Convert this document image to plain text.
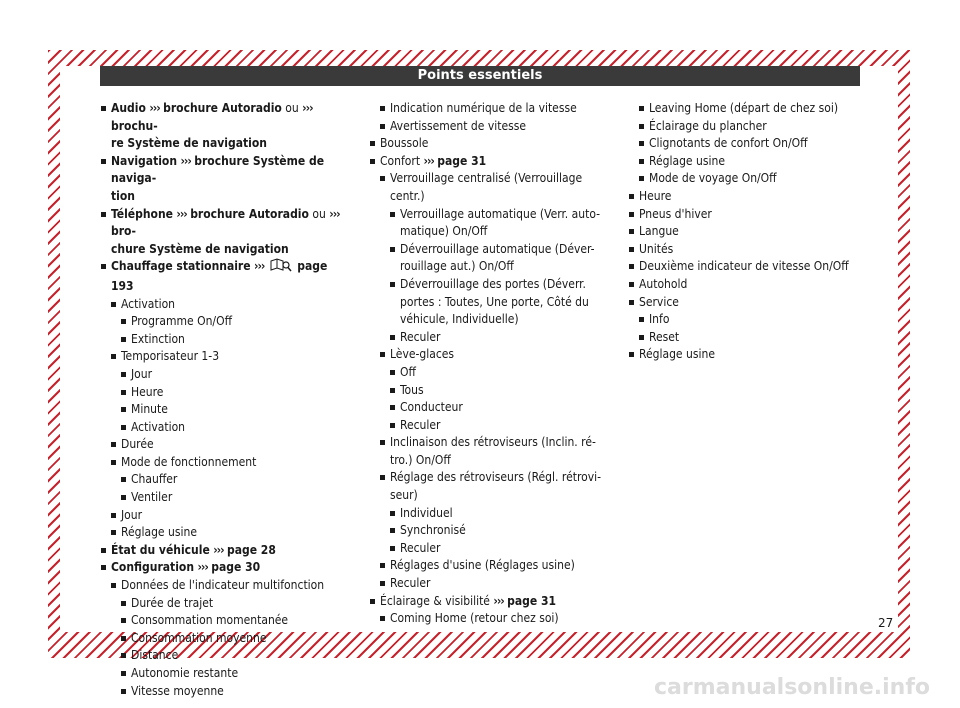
Points essentiels
Audio ››› brochure Autoradio ou ››› brochu-
re Système de navigation
Navigation ››› brochure Système de naviga-
tion
Téléphone ››› brochure Autoradio ou ››› bro-
chure Système de navigation
Chauffage stationnaire ›››	page 193
Activation
Programme On/Off
Extinction
Temporisateur 1-3
Jour
Heure
Minute
Activation
Durée
Mode de fonctionnement
Chauffer
Ventiler
Jour
Réglage usine
État du véhicule ››› page 28
Configuration ››› page 30
Données de l'indicateur multifonction
Durée de trajet
Consommation momentanée
Consommation moyenne
Distance
Autonomie restante
Vitesse moyenne
Indication numérique de la vitesse
Avertissement de vitesse
Boussole
Confort ››› page 31
Verrouillage centralisé (Verrouillage
centr.)
Verrouillage automatique (Verr. auto-
matique) On/Off
Déverrouillage automatique (Déver-
rouillage aut.) On/Off
Déverrouillage des portes (Déverr.
portes : Toutes, Une porte, Côté du
véhicule, Individuelle)
Reculer
Lève-glaces
Off
Tous
Conducteur
Reculer
Inclinaison des rétroviseurs (Inclin. ré-
tro.) On/Off
Réglage des rétroviseurs (Régl. rétrovi-
seur)
Individuel
Synchronisé
Reculer
Réglages d'usine (Réglages usine)
Reculer
Éclairage & visibilité ››› page 31
Coming Home (retour chez soi)
Leaving Home (départ de chez soi)
Éclairage du plancher
Clignotants de confort On/Off
Réglage usine
Mode de voyage On/Off
Heure
Pneus d'hiver
Langue
Unités
Deuxième indicateur de vitesse On/Off
Autohold
Service
Info
Reset
Réglage usine
27
carmanualsonline.info
